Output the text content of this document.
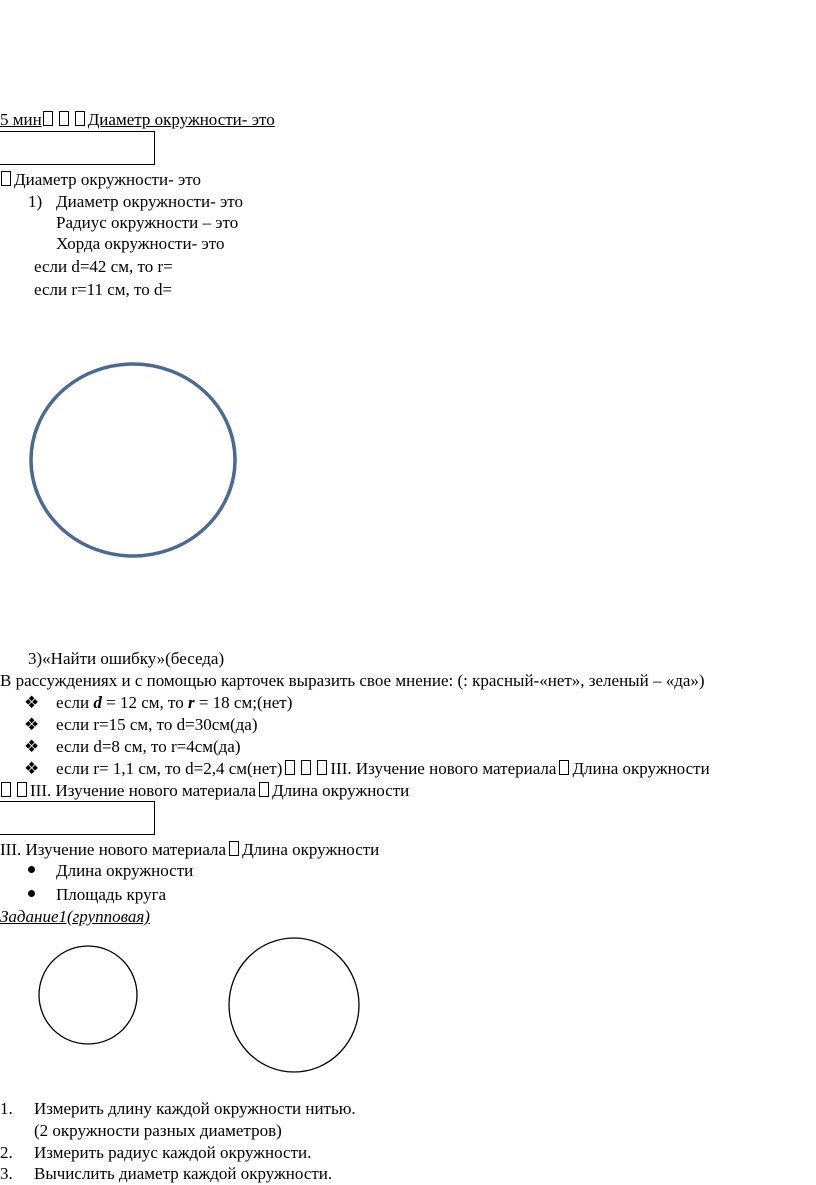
5 мин	Диаметр окружности- это
Диаметр окружности- это
1) Диаметр окружности- это
Радиус окружности – это
Хорда окружности- это
если d=42 см, то r=
если r=11 см, то d=
3)«Найти ошибку»(беседа)
В рассуждениях и с помощью карточек выразить свое мнение: (: красный-«нет», зеленый – «да»)
❖ если d = 12 см, то r = 18 см;(нет)
❖ если r=15 см, то d=30см(да)
❖ если d=8 см, то r=4см(да)
❖ если r= 1,1 см, то d=2,4 см(нет)	III. Изучение нового материала Длина окружности
III. Изучение нового материала Длина окружности
III. Изучение нового материала Длина окружности
Длина окружности
Площадь круга
Задание1(групповая)
1. Измерить длину каждой окружности нитью.
(2 окружности разных диаметров)
2. Измерить радиус каждой окружности.
3. Вычислить диаметр каждой окружности.
